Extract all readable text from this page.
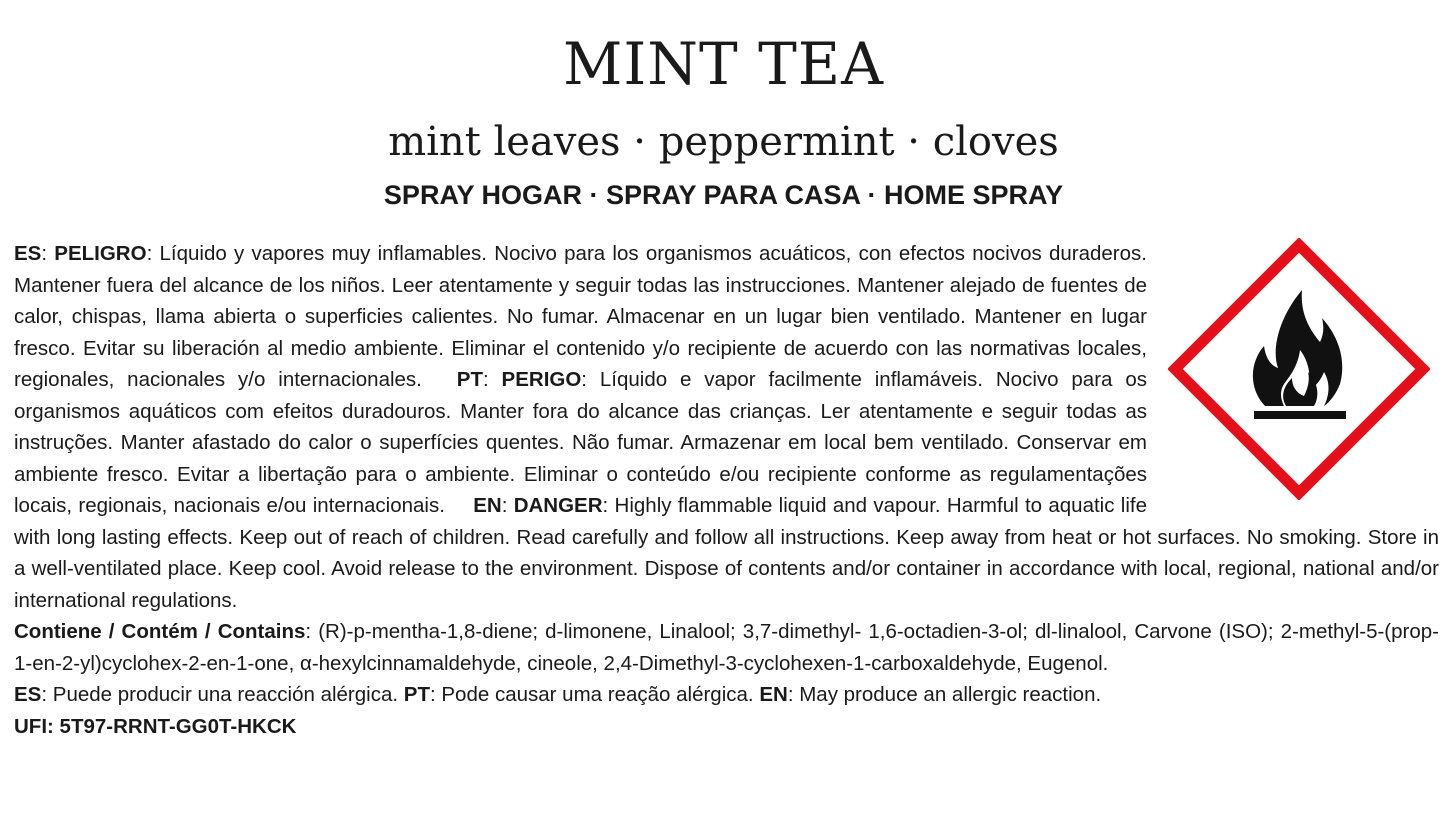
MINT TEA
mint leaves · peppermint · cloves
SPRAY HOGAR · SPRAY PARA CASA · HOME SPRAY

ES: PELIGRO: Líquido y vapores muy inflamables. Nocivo para los organismos acuáticos, con efectos nocivos duraderos. Mantener fuera del alcance de los niños. Leer atentamente y seguir todas las instrucciones. Mantener alejado de fuentes de calor, chispas, llama abierta o superficies calientes. No fumar. Almacenar en un lugar bien ventilado. Mantener en lugar fresco. Evitar su liberación al medio ambiente. Eliminar el contenido y/o recipiente de acuerdo con las normativas locales, regionales, nacionales y/o internacionales. PT: PERIGO: Líquido e vapor facilmente inflamáveis. Nocivo para os organismos aquáticos com efeitos duradouros. Manter fora do alcance das crianças. Ler atentamente e seguir todas as instruções. Manter afastado do calor o superfícies quentes. Não fumar. Armazenar em local bem ventilado. Conservar em ambiente fresco. Evitar a libertação para o ambiente. Eliminar o conteúdo e/ou recipiente conforme as regulamentações locais, regionais, nacionais e/ou internacionais. EN: DANGER: Highly flammable liquid and vapour. Harmful to aquatic life with long lasting effects. Keep out of reach of children. Read carefully and follow all instructions. Keep away from heat or hot surfaces. No smoking. Store in a well-ventilated place. Keep cool. Avoid release to the environment. Dispose of contents and/or container in accordance with local, regional, national and/or international regulations.

Contiene / Contém / Contains: (R)-p-mentha-1,8-diene; d-limonene, Linalool; 3,7-dimethyl- 1,6-octadien-3-ol; dl-linalool, Carvone (ISO); 2-methyl-5-(prop-1-en-2-yl)cyclohex-2-en-1-one, α-hexylcinnamaldehyde, cineole, 2,4-Dimethyl-3-cyclohexen-1-carboxaldehyde, Eugenol.

ES: Puede producir una reacción alérgica. PT: Pode causar uma reação alérgica. EN: May produce an allergic reaction.

UFI: 5T97-RRNT-GG0T-HKCK
